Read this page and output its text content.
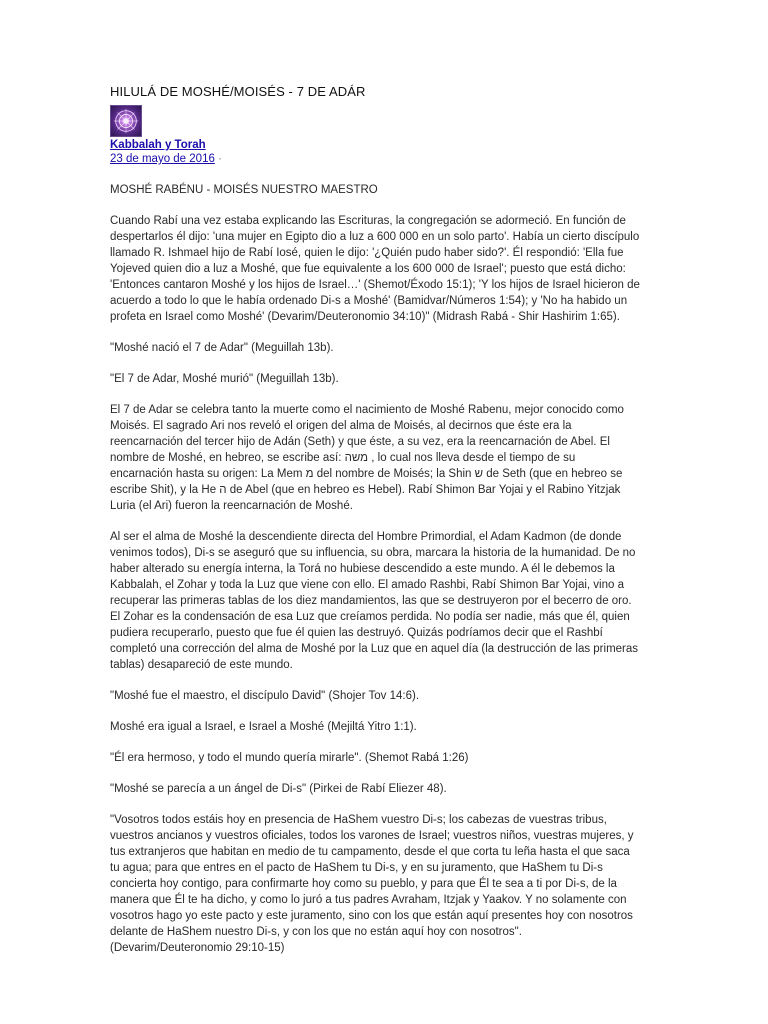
HILULÁ DE MOSHÉ/MOISÉS - 7 DE ADÁR
Kabbalah y Torah
23 de mayo de 2016 ·

MOSHÉ RABÉNU - MOISÉS NUESTRO MAESTRO

Cuando Rabí una vez estaba explicando las Escrituras, la congregación se adormeció. En función de despertarlos él dijo: 'una mujer en Egipto dio a luz a 600 000 en un solo parto'. Había un cierto discípulo llamado R. Ishmael hijo de Rabí Iosé, quien le dijo: '¿Quién pudo haber sido?'. Él respondió: 'Ella fue Yojeved quien dio a luz a Moshé, que fue equivalente a los 600 000 de Israel'; puesto que está dicho: 'Entonces cantaron Moshé y los hijos de Israel…' (Shemot/Éxodo 15:1); 'Y los hijos de Israel hicieron de acuerdo a todo lo que le había ordenado Di-s a Moshé' (Bamidvar/Números 1:54); y 'No ha habido un profeta en Israel como Moshé' (Devarim/Deuteronomio 34:10)" (Midrash Rabá - Shir Hashirim 1:65).

"Moshé nació el 7 de Adar" (Meguillah 13b).

"El 7 de Adar, Moshé murió" (Meguillah 13b).

El 7 de Adar se celebra tanto la muerte como el nacimiento de Moshé Rabenu, mejor conocido como Moisés. El sagrado Ari nos reveló el origen del alma de Moisés, al decirnos que éste era la reencarnación del tercer hijo de Adán (Seth) y que éste, a su vez, era la reencarnación de Abel. El nombre de Moshé, en hebreo, se escribe así: משה , lo cual nos lleva desde el tiempo de su encarnación hasta su origen: La Mem מ del nombre de Moisés; la Shin ש de Seth (que en hebreo se escribe Shit), y la He ה de Abel (que en hebreo es Hebel). Rabí Shimon Bar Yojai y el Rabino Yitzjak Luria (el Ari) fueron la reencarnación de Moshé.

Al ser el alma de Moshé la descendiente directa del Hombre Primordial, el Adam Kadmon (de donde venimos todos), Di-s se aseguró que su influencia, su obra, marcara la historia de la humanidad. De no haber alterado su energía interna, la Torá no hubiese descendido a este mundo. A él le debemos la Kabbalah, el Zohar y toda la Luz que viene con ello. El amado Rashbi, Rabí Shimon Bar Yojai, vino a recuperar las primeras tablas de los diez mandamientos, las que se destruyeron por el becerro de oro. El Zohar es la condensación de esa Luz que creíamos perdida. No podía ser nadie, más que él, quien pudiera recuperarlo, puesto que fue él quien las destruyó. Quizás podríamos decir que el Rashbí completó una corrección del alma de Moshé por la Luz que en aquel día (la destrucción de las primeras tablas) desapareció de este mundo.

"Moshé fue el maestro, el discípulo David" (Shojer Tov 14:6).

Moshé era igual a Israel, e Israel a Moshé (Mejiltá Yitro 1:1).

"Él era hermoso, y todo el mundo quería mirarle". (Shemot Rabá 1:26)

"Moshé se parecía a un ángel de Di-s" (Pirkei de Rabí Eliezer 48).

"Vosotros todos estáis hoy en presencia de HaShem vuestro Di-s; los cabezas de vuestras tribus, vuestros ancianos y vuestros oficiales, todos los varones de Israel; vuestros niños, vuestras mujeres, y tus extranjeros que habitan en medio de tu campamento, desde el que corta tu leña hasta el que saca tu agua; para que entres en el pacto de HaShem tu Di-s, y en su juramento, que HaShem tu Di-s concierta hoy contigo, para confirmarte hoy como su pueblo, y para que Él te sea a ti por Di-s, de la manera que Él te ha dicho, y como lo juró a tus padres Avraham, Itzjak y Yaakov. Y no solamente con vosotros hago yo este pacto y este juramento, sino con los que están aquí presentes hoy con nosotros delante de HaShem nuestro Di-s, y con los que no están aquí hoy con nosotros". (Devarim/Deuteronomio 29:10-15)
